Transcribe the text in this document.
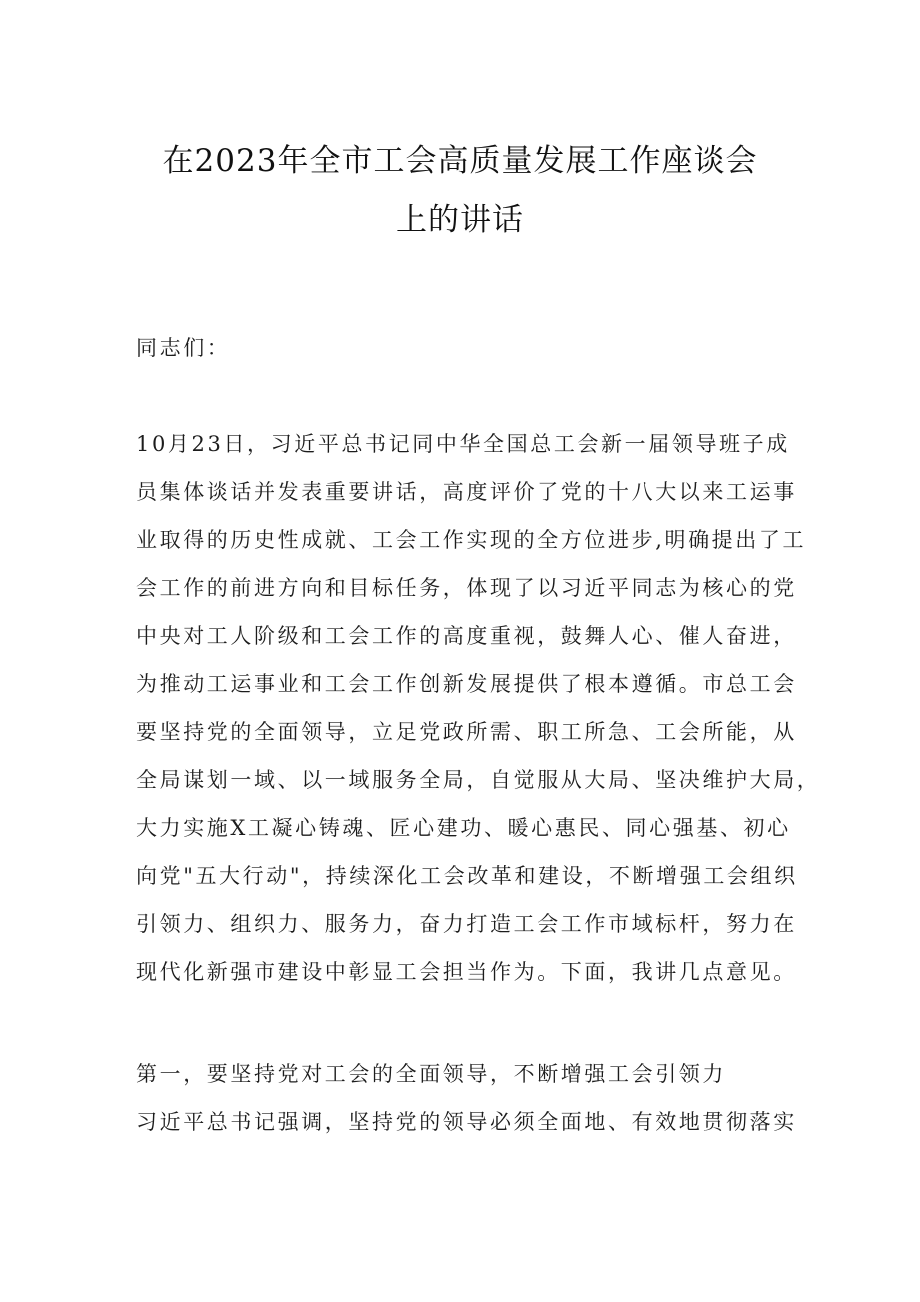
在2023年全市工会高质量发展工作座谈会
上的讲话

同志们：

10月23日，习近平总书记同中华全国总工会新一届领导班子成

员集体谈话并发表重要讲话，高度评价了党的十八大以来工运事

业取得的历史性成就、工会工作实现的全方位进步,明确提出了工

会工作的前进方向和目标任务，体现了以习近平同志为核心的党

中央对工人阶级和工会工作的高度重视，鼓舞人心、催人奋进，

为推动工运事业和工会工作创新发展提供了根本遵循。市总工会

要坚持党的全面领导，立足党政所需、职工所急、工会所能，从

全局谋划一域、以一域服务全局，自觉服从大局、坚决维护大局，

大力实施X工凝心铸魂、匠心建功、暖心惠民、同心强基、初心

向党"五大行动"，持续深化工会改革和建设，不断增强工会组织

引领力、组织力、服务力，奋力打造工会工作市域标杆，努力在

现代化新强市建设中彰显工会担当作为。下面，我讲几点意见。

第一，要坚持党对工会的全面领导，不断增强工会引领力

习近平总书记强调，坚持党的领导必须全面地、有效地贯彻落实
